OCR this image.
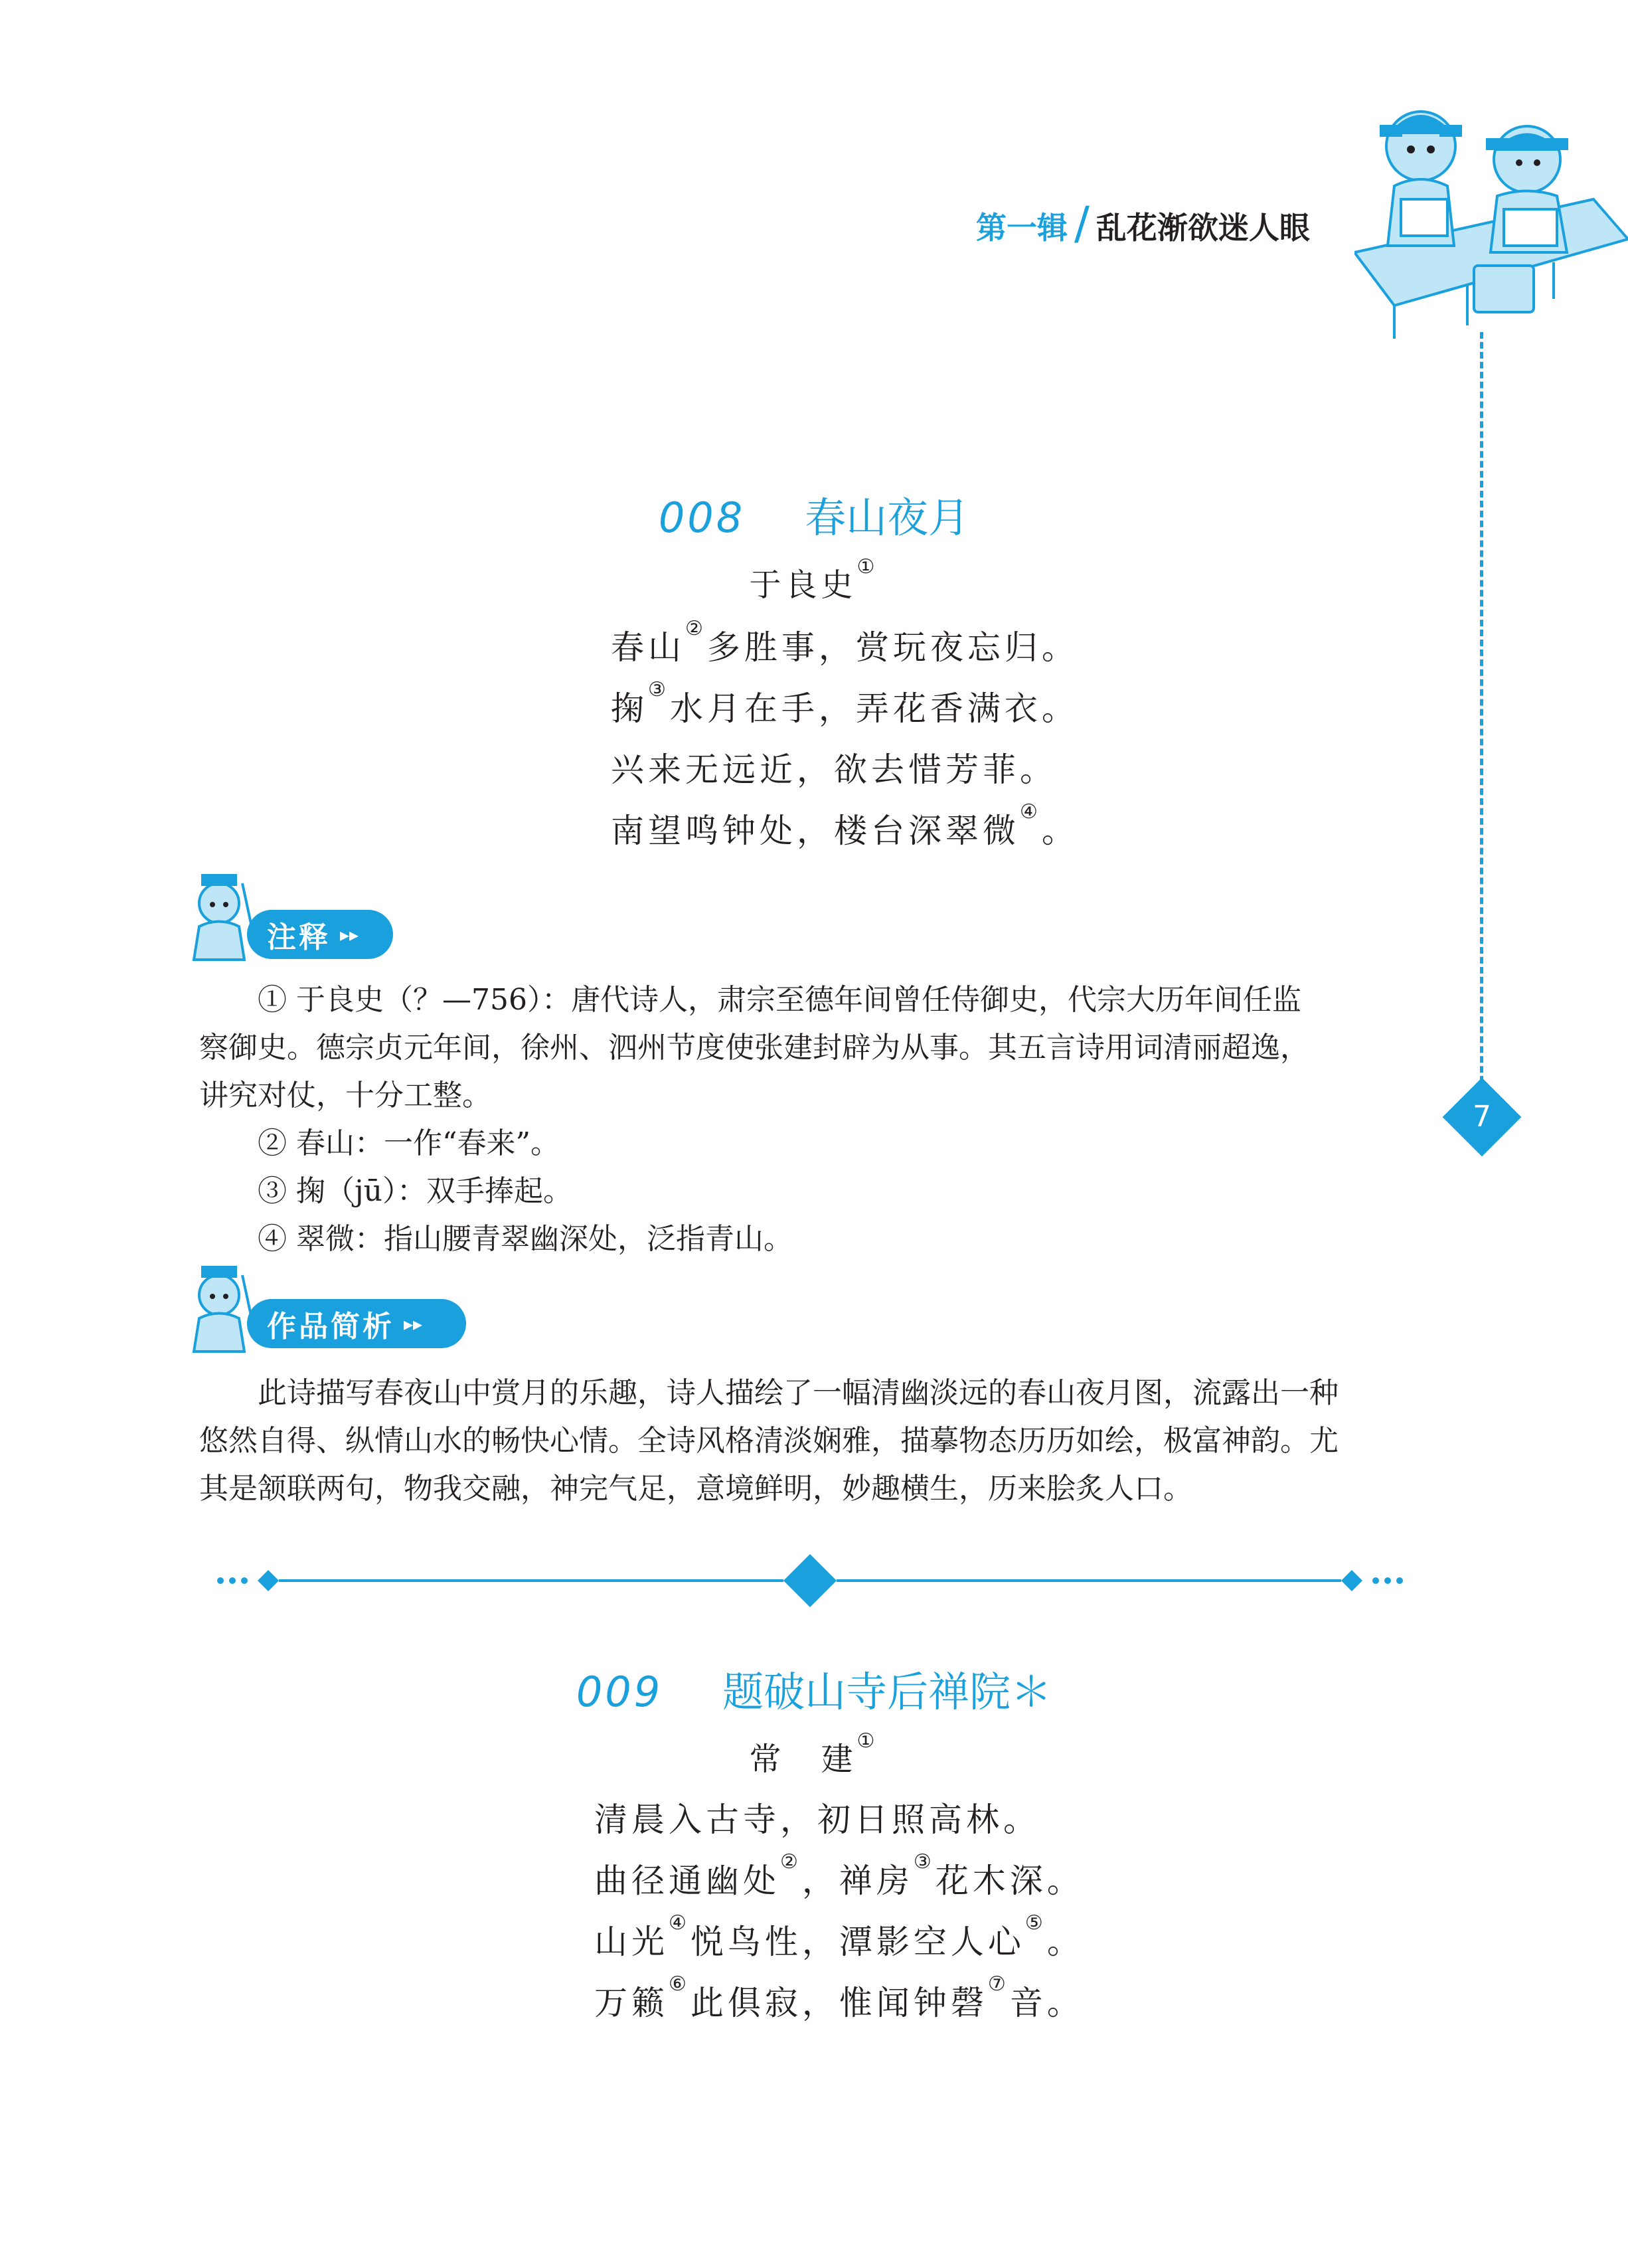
第一辑 / 乱花渐欲迷人眼
7
008 春山夜月
于良史①
春山②多胜事，赏玩夜忘归。
掬③水月在手，弄花香满衣。
兴来无远近，欲去惜芳菲。
南望鸣钟处，楼台深翠微④。
注释 ▸▸
① 于良史（？—756）：唐代诗人，肃宗至德年间曾任侍御史，代宗大历年间任监
察御史。德宗贞元年间，徐州、泗州节度使张建封辟为从事。其五言诗用词清丽超逸，
讲究对仗，十分工整。
② 春山：一作“春来”。
③ 掬（jū）：双手捧起。
④ 翠微：指山腰青翠幽深处，泛指青山。
作品简析 ▸▸
此诗描写春夜山中赏月的乐趣，诗人描绘了一幅清幽淡远的春山夜月图，流露出一种
悠然自得、纵情山水的畅快心情。全诗风格清淡娴雅，描摹物态历历如绘，极富神韵。尤
其是颔联两句，物我交融，神完气足，意境鲜明，妙趣横生，历来脍炙人口。
009 题破山寺后禅院＊
常　建①
清晨入古寺，初日照高林。
曲径通幽处②，禅房③花木深。
山光④悦鸟性，潭影空人心⑤。
万籁⑥此俱寂，惟闻钟磬⑦音。
